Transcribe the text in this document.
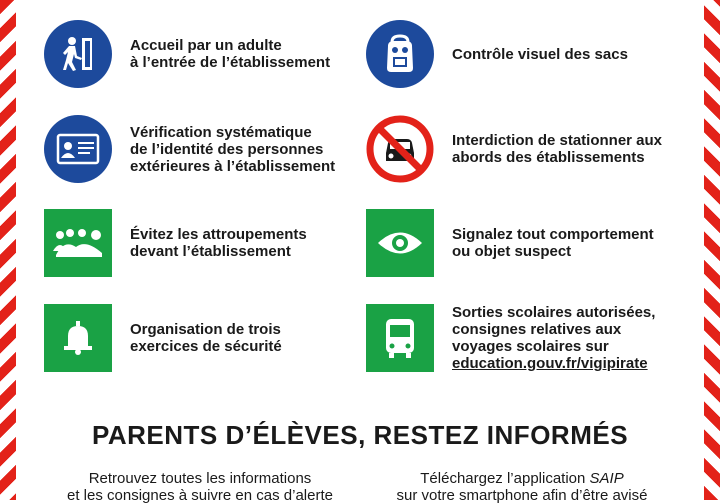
Accueil par un adulte
à l’entrée de l’établissement
Vérification systématique
de l’identité des personnes
extérieures à l’établissement
Évitez les attroupements
devant l’établissement
Organisation de trois
exercices de sécurité
Contrôle visuel des sacs
Interdiction de stationner aux
abords des établissements
Signalez tout comportement
ou objet suspect
Sorties scolaires autorisées,
consignes relatives aux
voyages scolaires sur
education.gouv.fr/vigipirate
PARENTS D’ÉLÈVES, RESTEZ INFORMÉS
Retrouvez toutes les informations
et les consignes à suivre en cas d’alerte
Téléchargez l’application SAIP
sur votre smartphone afin d’être avisé
